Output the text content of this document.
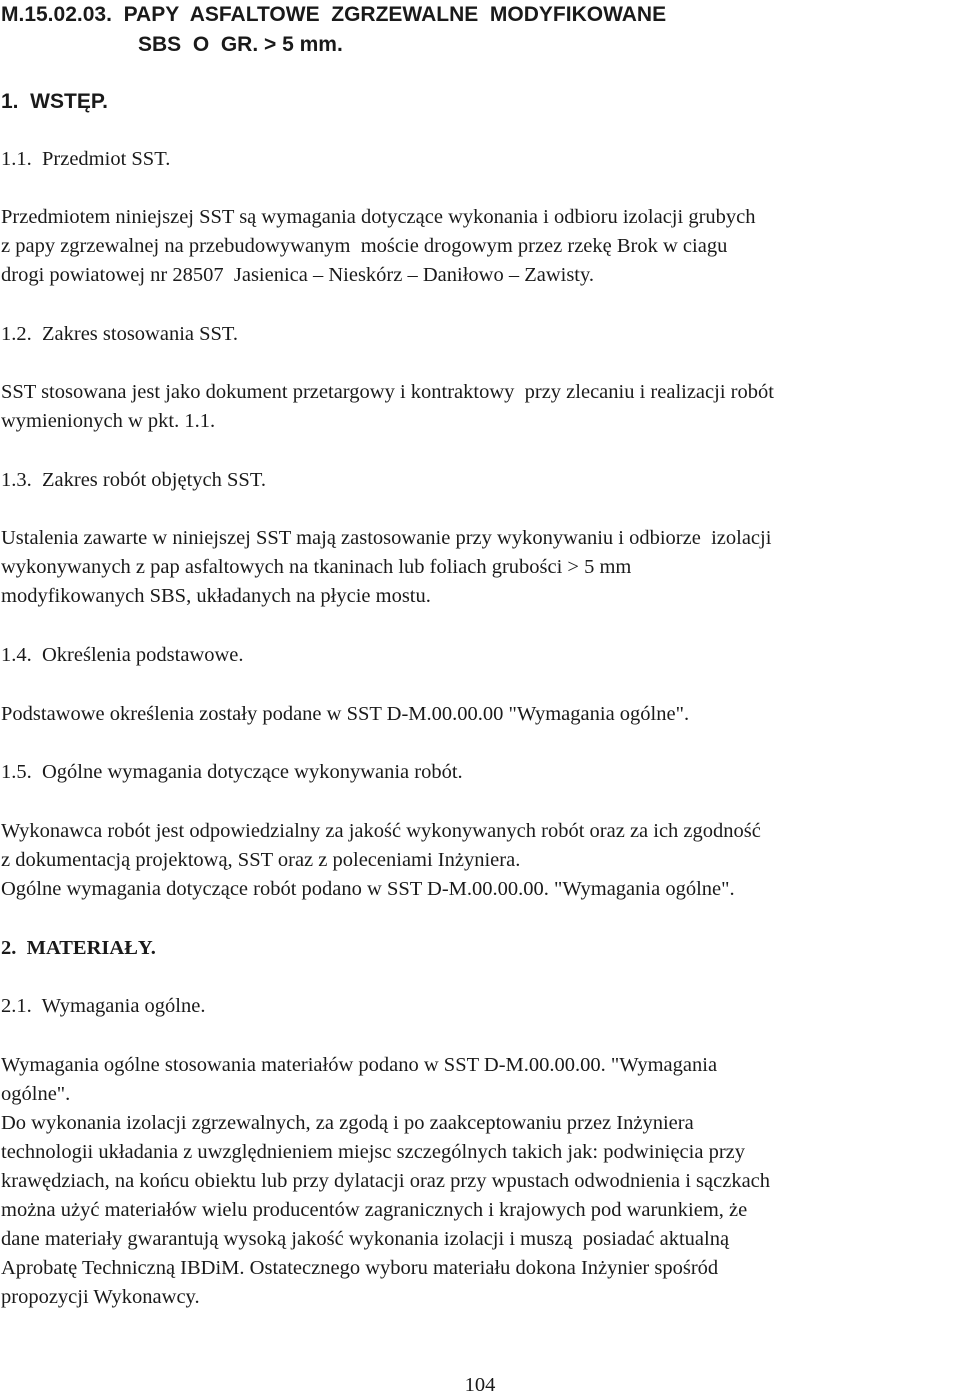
M.15.02.03.  PAPY  ASFALTOWE  ZGRZEWALNE  MODYFIKOWANE
SBS  O  GR. > 5 mm.
1.  WSTĘP.
1.1.  Przedmiot SST.
Przedmiotem niniejszej SST są wymagania dotyczące wykonania i odbioru izolacji grubych
z papy zgrzewalnej na przebudowywanym  moście drogowym przez rzekę Brok w ciagu
drogi powiatowej nr 28507  Jasienica – Nieskórz – Daniłowo – Zawisty.
1.2.  Zakres stosowania SST.
SST stosowana jest jako dokument przetargowy i kontraktowy  przy zlecaniu i realizacji robót
wymienionych w pkt. 1.1.
1.3.  Zakres robót objętych SST.
Ustalenia zawarte w niniejszej SST mają zastosowanie przy wykonywaniu i odbiorze  izolacji
wykonywanych z pap asfaltowych na tkaninach lub foliach grubości > 5 mm
modyfikowanych SBS, układanych na płycie mostu.
1.4.  Określenia podstawowe.
Podstawowe określenia zostały podane w SST D-M.00.00.00 "Wymagania ogólne".
1.5.  Ogólne wymagania dotyczące wykonywania robót.
Wykonawca robót jest odpowiedzialny za jakość wykonywanych robót oraz za ich zgodność
z dokumentacją projektową, SST oraz z poleceniami Inżyniera.
Ogólne wymagania dotyczące robót podano w SST D-M.00.00.00. "Wymagania ogólne".
2.  MATERIAŁY.
2.1.  Wymagania ogólne.
Wymagania ogólne stosowania materiałów podano w SST D-M.00.00.00. "Wymagania
ogólne".
Do wykonania izolacji zgrzewalnych, za zgodą i po zaakceptowaniu przez Inżyniera
technologii układania z uwzględnieniem miejsc szczególnych takich jak: podwinięcia przy
krawędziach, na końcu obiektu lub przy dylatacji oraz przy wpustach odwodnienia i sączkach
można użyć materiałów wielu producentów zagranicznych i krajowych pod warunkiem, że
dane materiały gwarantują wysoką jakość wykonania izolacji i muszą  posiadać aktualną
Aprobatę Techniczną IBDiM. Ostatecznego wyboru materiału dokona Inżynier spośród
propozycji Wykonawcy.
104
